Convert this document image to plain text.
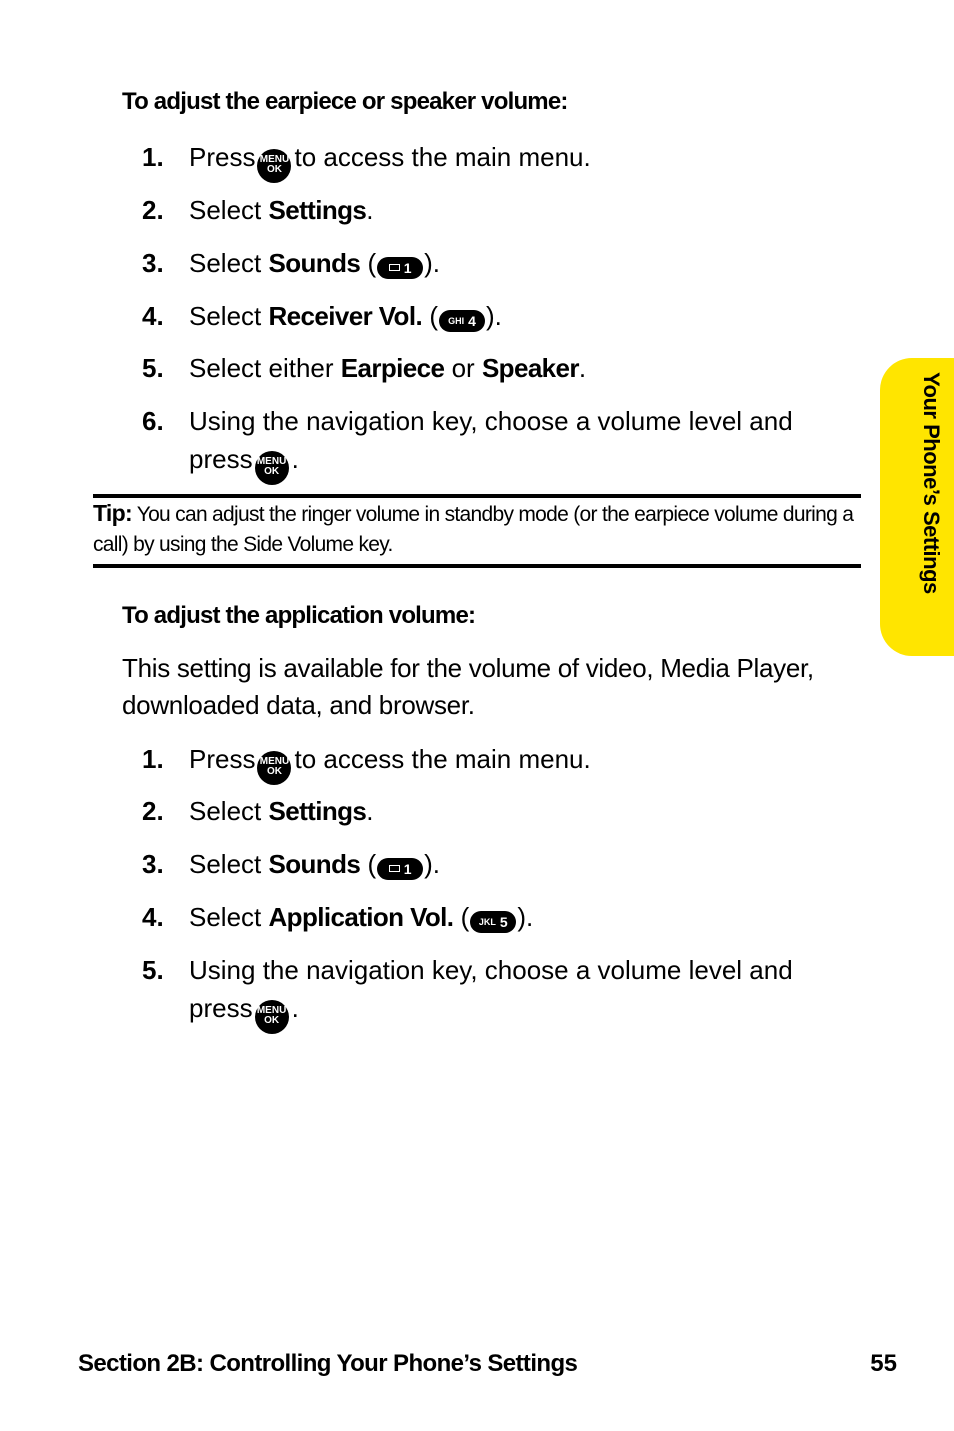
To adjust the earpiece or speaker volume:
1. Press MENU
OK to access the main menu.
2. Select Settings.
3. Select Sounds ( 1 ).
4. Select Receiver Vol. ( GHI 4 ).
5. Select either Earpiece or Speaker.
6. Using the navigation key, choose a volume level and press MENU
OK .
Tip: You can adjust the ringer volume in standby mode (or the earpiece volume during a call) by using the Side Volume key.
To adjust the application volume:
This setting is available for the volume of video, Media Player, downloaded data, and browser.
1. Press MENU
OK to access the main menu.
2. Select Settings.
3. Select Sounds ( 1 ).
4. Select Application Vol. ( JKL 5 ).
5. Using the navigation key, choose a volume level and press MENU
OK .
Your Phone’s Settings
Section 2B: Controlling Your Phone’s Settings	55
